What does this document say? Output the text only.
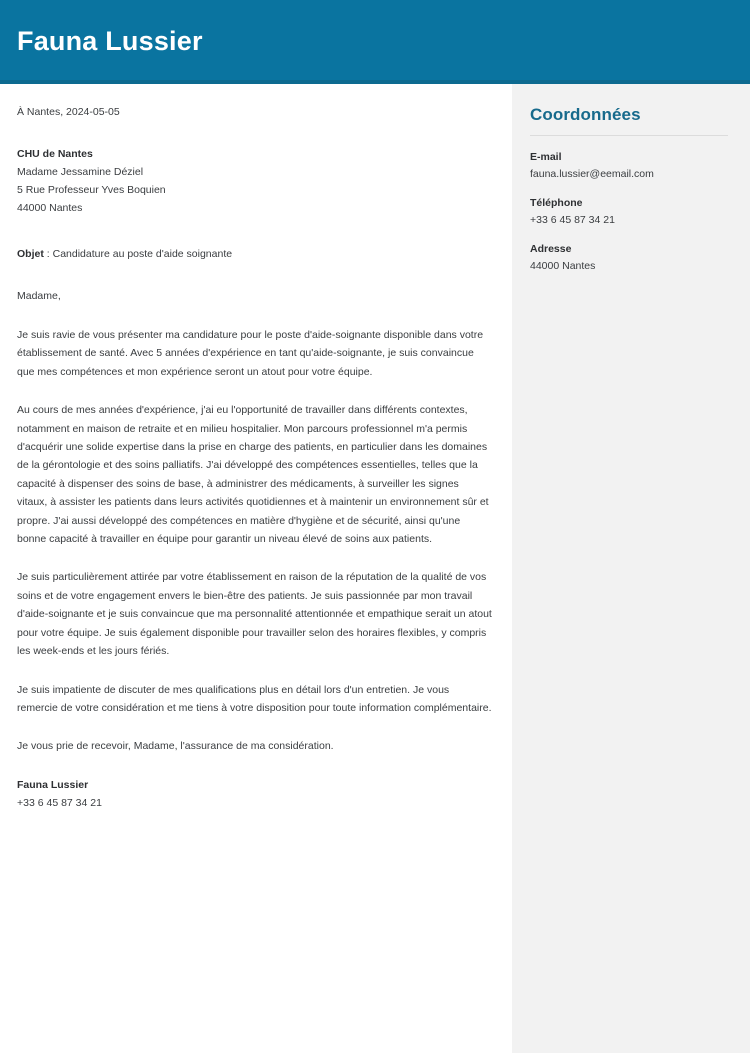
Fauna Lussier
Coordonnées
E-mail
fauna.lussier@eemail.com
Téléphone
+33 6 45 87 34 21
Adresse
44000 Nantes
À Nantes, 2024-05-05
CHU de Nantes
Madame Jessamine Déziel
5 Rue Professeur Yves Boquien
44000 Nantes
Objet : Candidature au poste d'aide soignante
Madame,

Je suis ravie de vous présenter ma candidature pour le poste d'aide-soignante disponible dans votre établissement de santé. Avec 5 années d'expérience en tant qu'aide-soignante, je suis convaincue que mes compétences et mon expérience seront un atout pour votre équipe.

Au cours de mes années d'expérience, j'ai eu l'opportunité de travailler dans différents contextes, notamment en maison de retraite et en milieu hospitalier. Mon parcours professionnel m'a permis d'acquérir une solide expertise dans la prise en charge des patients, en particulier dans les domaines de la gérontologie et des soins palliatifs. J'ai développé des compétences essentielles, telles que la capacité à dispenser des soins de base, à administrer des médicaments, à surveiller les signes vitaux, à assister les patients dans leurs activités quotidiennes et à maintenir un environnement sûr et propre. J'ai aussi développé des compétences en matière d'hygiène et de sécurité, ainsi qu'une bonne capacité à travailler en équipe pour garantir un niveau élevé de soins aux patients.

Je suis particulièrement attirée par votre établissement en raison de la réputation de la qualité de vos soins et de votre engagement envers le bien-être des patients. Je suis passionnée par mon travail d'aide-soignante et je suis convaincue que ma personnalité attentionnée et empathique serait un atout pour votre équipe. Je suis également disponible pour travailler selon des horaires flexibles, y compris les week-ends et les jours fériés.

Je suis impatiente de discuter de mes qualifications plus en détail lors d'un entretien. Je vous remercie de votre considération et me tiens à votre disposition pour toute information complémentaire.

Je vous prie de recevoir, Madame, l'assurance de ma considération.
Fauna Lussier
+33 6 45 87 34 21
